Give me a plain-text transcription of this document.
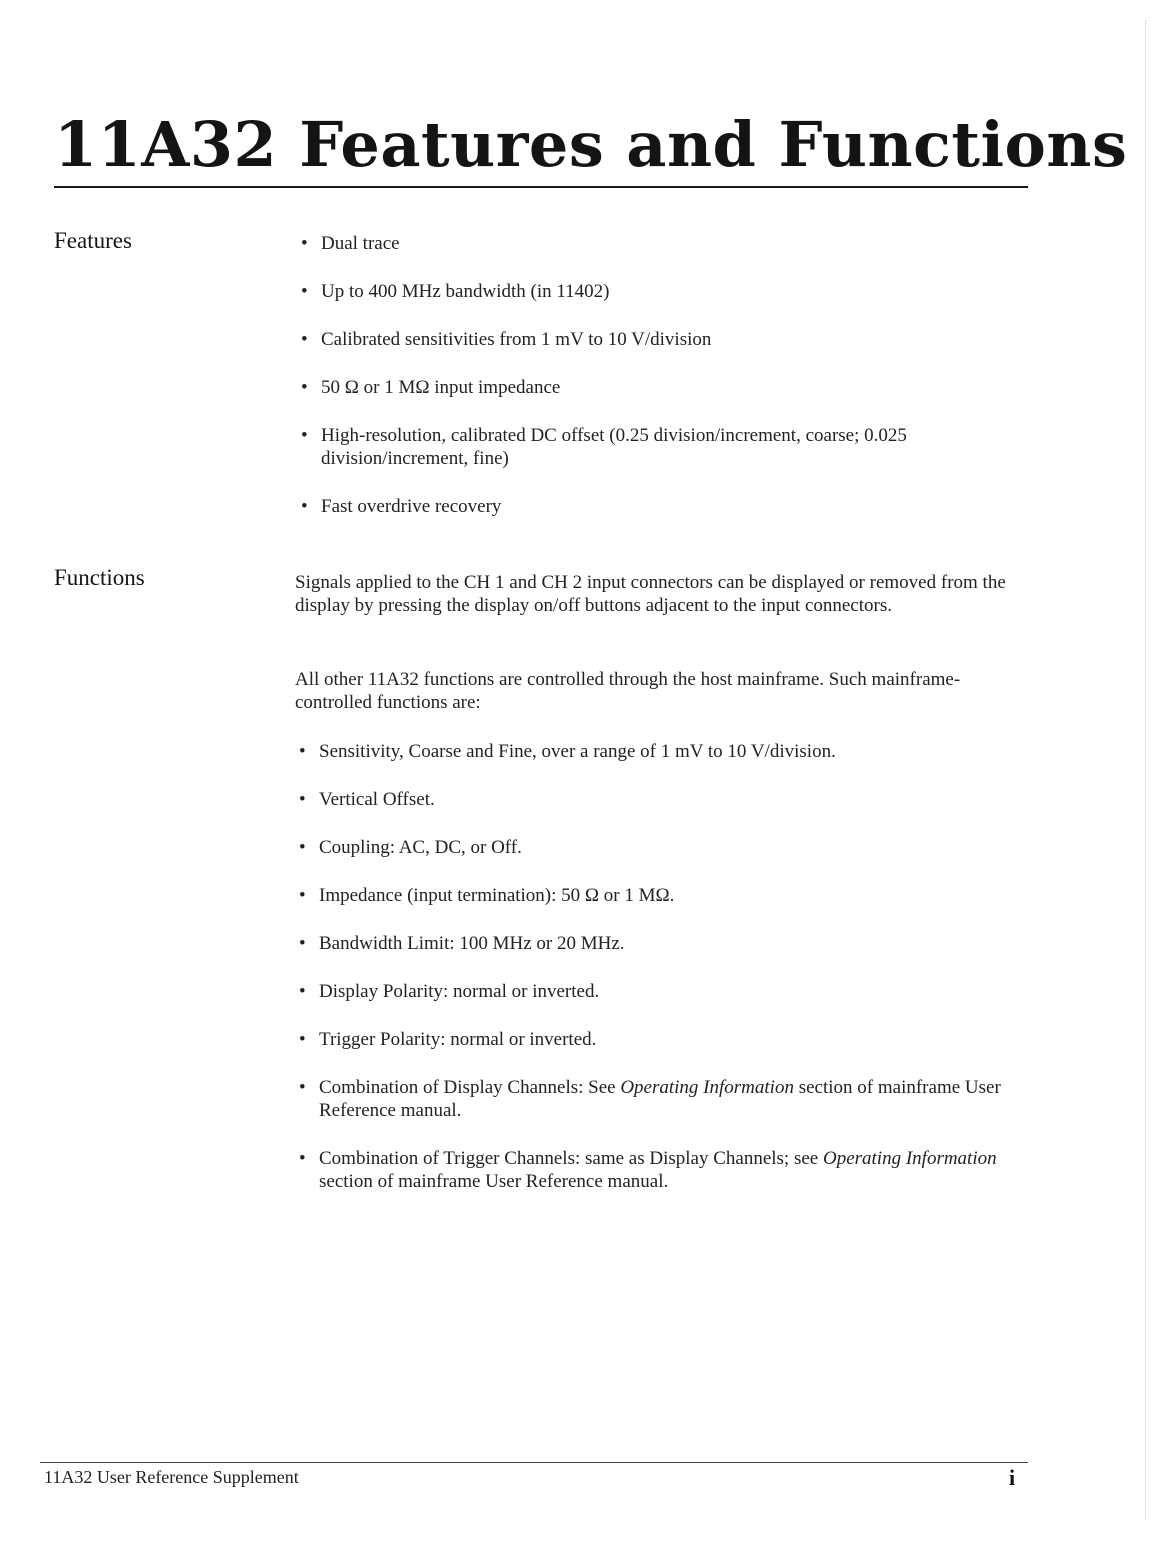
11A32 Features and Functions
Features	• Dual trace
• Up to 400 MHz bandwidth (in 11402)
• Calibrated sensitivities from 1 mV to 10 V/division
• 50 Ω or 1 MΩ input impedance
• High-resolution, calibrated DC offset (0.25 division/increment, coarse; 0.025 division/increment, fine)
• Fast overdrive recovery
Functions	Signals applied to the CH 1 and CH 2 input connectors can be displayed or removed from the display by pressing the display on/off buttons adjacent to the input connectors.

All other 11A32 functions are controlled through the host mainframe. Such mainframe-controlled functions are:

• Sensitivity, Coarse and Fine, over a range of 1 mV to 10 V/division.
• Vertical Offset.
• Coupling: AC, DC, or Off.
• Impedance (input termination): 50 Ω or 1 MΩ.
• Bandwidth Limit: 100 MHz or 20 MHz.
• Display Polarity: normal or inverted.
• Trigger Polarity: normal or inverted.
• Combination of Display Channels: See Operating Information section of mainframe User Reference manual.
• Combination of Trigger Channels: same as Display Channels; see Operating Information section of mainframe User Reference manual.
11A32 User Reference Supplement	i
